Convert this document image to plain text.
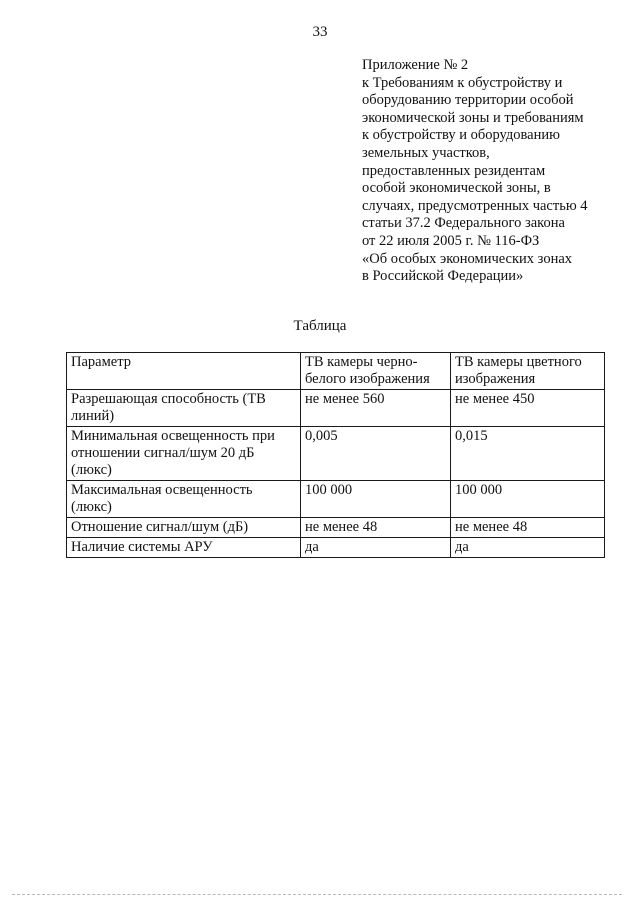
33
Приложение № 2
к Требованиям к обустройству и
оборудованию территории особой
экономической зоны и требованиям
к обустройству и оборудованию
земельных участков,
предоставленных резидентам
особой экономической зоны, в
случаях, предусмотренных частью 4
статьи 37.2 Федерального закона
от 22 июля 2005 г. № 116-ФЗ
«Об особых экономических зонах
в Российской Федерации»
Таблица
Параметр	ТВ камеры черно-белого изображения	ТВ камеры цветного изображения
Разрешающая способность (ТВ линий)	не менее 560	не менее 450
Минимальная освещенность при отношении сигнал/шум 20 дБ (люкс)	0,005	0,015
Максимальная освещенность (люкс)	100 000	100 000
Отношение сигнал/шум (дБ)	не менее 48	не менее 48
Наличие системы АРУ	да	да
